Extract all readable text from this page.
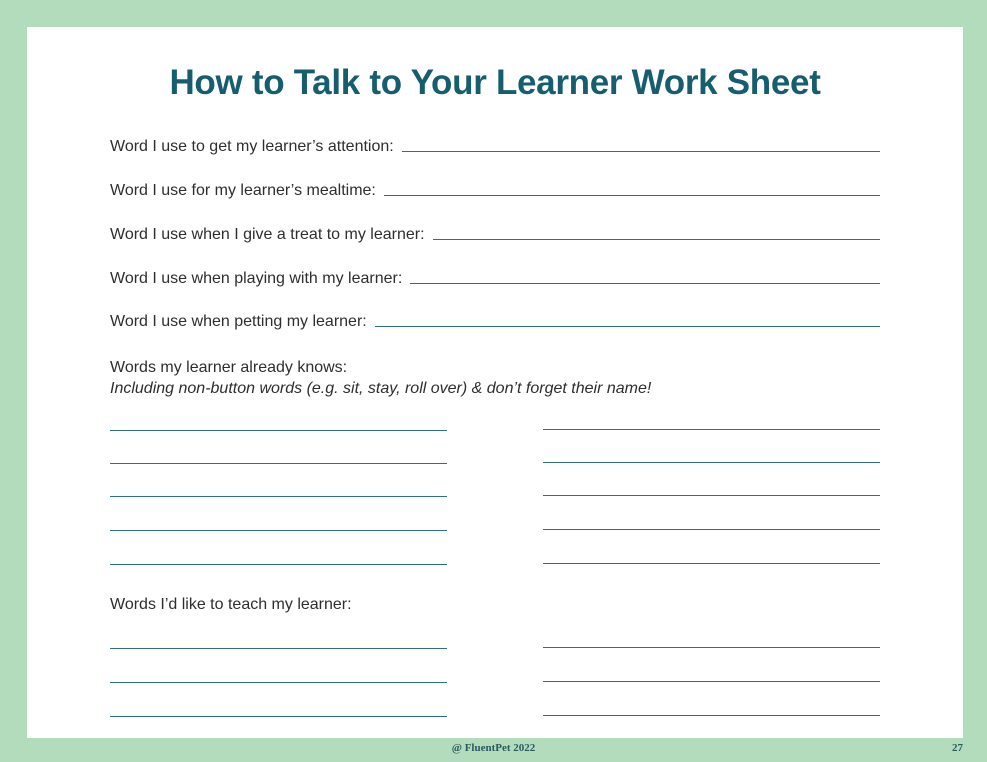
How to Talk to Your Learner Work Sheet
Word I use to get my learner’s attention:
Word I use for my learner’s mealtime:
Word I use when I give a treat to my learner:
Word I use when playing with my learner:
Word I use when petting my learner:
Words my learner already knows:
Including non-button words (e.g. sit, stay, roll over) & don’t forget their name!
Words I’d like to teach my learner:
@ FluentPet 2022	27
